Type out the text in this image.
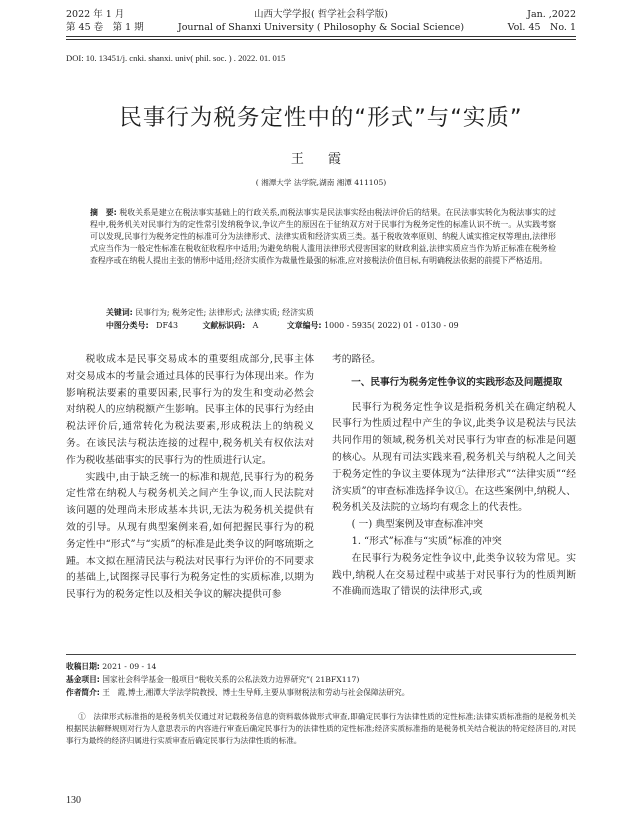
2022 年 1 月
第 45 卷　第 1 期
山西大学学报( 哲学社会科学版)
Journal of Shanxi University ( Philosophy & Social Science)
Jan. ,2022
Vol. 45　No. 1
DOI: 10. 13451/j. cnki. shanxi. univ( phil. soc. ) . 2022. 01. 015
民事行为税务定性中的“形式”与“实质”
王 霞
( 湘潭大学 法学院,湖南 湘潭 411105)
摘　要: 税收关系是建立在税法事实基础上的行政关系,而税法事实是民法事实经由税法评价后的结果。在民法事实转化为税法事实的过程中,税务机关对民事行为的定性常引发纳税争议,争议产生的原因在于征纳双方对于民事行为税务定性的标准认识不统一。从实践考察可以发现,民事行为税务定性的标准可分为法律形式、法律实质和经济实质三类。基于税收效率原则、纳税人诚实推定权等理由,法律形式应当作为一般定性标准在税收征收程序中适用;为避免纳税人滥用法律形式侵害国家的财政利益,法律实质应当作为矫正标准在税务检查程序或在纳税人提出主张的情形中适用;经济实质作为裁量性最强的标准,应对接税法价值目标,有明确税法依据的前提下严格适用。
关键词: 民事行为; 税务定性; 法律形式; 法律实质; 经济实质
中图分类号: DF43	文献标识码: A	文章编号: 1000 - 5935( 2022) 01 - 0130 - 09

税收成本是民事交易成本的重要组成部分,民事主体对交易成本的考量会通过具体的民事行为体现出来。作为影响税法要素的重要因素,民事行为的发生和变动必然会对纳税人的应纳税额产生影响。民事主体的民事行为经由税法评价后,通常转化为税法要素,形成税法上的纳税义务。在该民法与税法连接的过程中,税务机关有权依法对作为税收基础事实的民事行为的性质进行认定。

实践中,由于缺乏统一的标准和规范,民事行为的税务定性常在纳税人与税务机关之间产生争议,而人民法院对该问题的处理尚未形成基本共识,无法为税务机关提供有效的引导。从现有典型案例来看,如何把握民事行为的税务定性中“形式”与“实质”的标准是此类争议的阿喀琉斯之踵。本文拟在厘清民法与税法对民事行为评价的不同要求的基础上,试图探寻民事行为税务定性的实质标准,以期为民事行为的税务定性以及相关争议的解决提供可参

考的路径。

一、民事行为税务定性争议的实践形态及问题提取

民事行为税务定性争议是指税务机关在确定纳税人民事行为性质过程中产生的争议,此类争议是税法与民法共同作用的领域,税务机关对民事行为审查的标准是问题的核心。从现有司法实践来看,税务机关与纳税人之间关于税务定性的争议主要体现为“法律形式”“法律实质”“经济实质”的审查标准选择争议①。在这些案例中,纳税人、税务机关及法院的立场均有观念上的代表性。

( 一) 典型案例及审查标准冲突

1. “形式”标准与“实质”标准的冲突

在民事行为税务定性争议中,此类争议较为常见。实践中,纳税人在交易过程中或基于对民事行为的性质判断不准确而选取了错误的法律形式,或

收稿日期: 2021 - 09 - 14
基金项目: 国家社会科学基金一般项目“税收关系的公私法效力边界研究”( 21BFX117)
作者简介: 王　霞,博士,湘潭大学法学院教授、博士生导师,主要从事财税法和劳动与社会保障法研究。
①　法律形式标准指的是税务机关仅通过对记载税务信息的资料载体做形式审查,即确定民事行为法律性质的定性标准;法律实质标准指的是税务机关根据民法解释规则对行为人意思表示的内容进行审查后确定民事行为的法律性质的定性标准;经济实质标准指的是税务机关结合税法的特定经济目的,对民事行为最终的经济归属进行实质审查后确定民事行为法律性质的标准。
130
